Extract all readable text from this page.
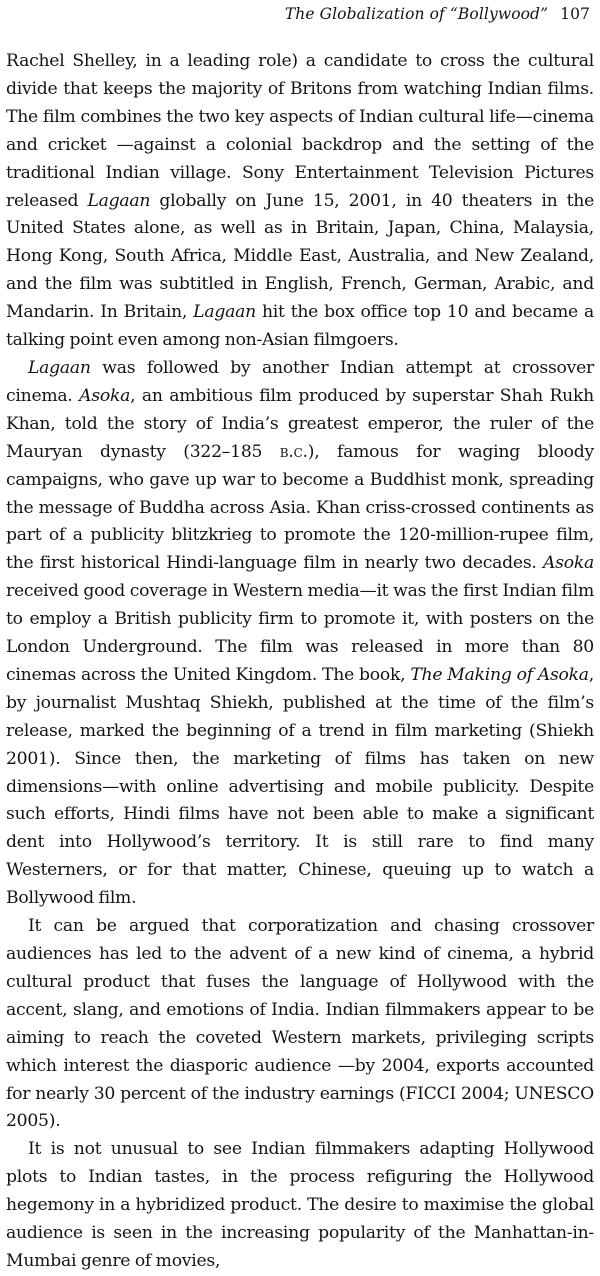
The Globalization of “Bollywood” 107

Rachel Shelley, in a leading role) a candidate to cross the cultural divide that keeps the majority of Britons from watching Indian films. The film combines the two key aspects of Indian cultural life—cinema and cricket —against a colonial backdrop and the setting of the traditional Indian village. Sony Entertainment Television Pictures released Lagaan globally on June 15, 2001, in 40 theaters in the United States alone, as well as in Britain, Japan, China, Malaysia, Hong Kong, South Africa, Middle East, Australia, and New Zealand, and the film was subtitled in English, French, German, Arabic, and Mandarin. In Britain, Lagaan hit the box office top 10 and became a talking point even among non-Asian filmgoers.

Lagaan was followed by another Indian attempt at crossover cinema. Asoka, an ambitious film produced by superstar Shah Rukh Khan, told the story of India’s greatest emperor, the ruler of the Mauryan dynasty (322–185 b.c.), famous for waging bloody campaigns, who gave up war to become a Buddhist monk, spreading the message of Buddha across Asia. Khan criss-crossed continents as part of a publicity blitzkrieg to promote the 120-million-rupee film, the first historical Hindi-language film in nearly two decades. Asoka received good coverage in Western media—it was the first Indian film to employ a British publicity firm to promote it, with posters on the London Underground. The film was released in more than 80 cinemas across the United Kingdom. The book, The Making of Asoka, by journalist Mushtaq Shiekh, published at the time of the film’s release, marked the beginning of a trend in film marketing (Shiekh 2001). Since then, the marketing of films has taken on new dimensions—with online advertising and mobile publicity. Despite such efforts, Hindi films have not been able to make a significant dent into Hollywood’s territory. It is still rare to find many Westerners, or for that matter, Chinese, queuing up to watch a Bollywood film.

It can be argued that corporatization and chasing crossover audiences has led to the advent of a new kind of cinema, a hybrid cultural product that fuses the language of Hollywood with the accent, slang, and emotions of India. Indian filmmakers appear to be aiming to reach the coveted Western markets, privileging scripts which interest the diasporic audience —by 2004, exports accounted for nearly 30 percent of the industry earnings (FICCI 2004; UNESCO 2005).

It is not unusual to see Indian filmmakers adapting Hollywood plots to Indian tastes, in the process refiguring the Hollywood hegemony in a hybridized product. The desire to maximise the global audience is seen in the increasing popularity of the Manhattan-in-Mumbai genre of movies,
